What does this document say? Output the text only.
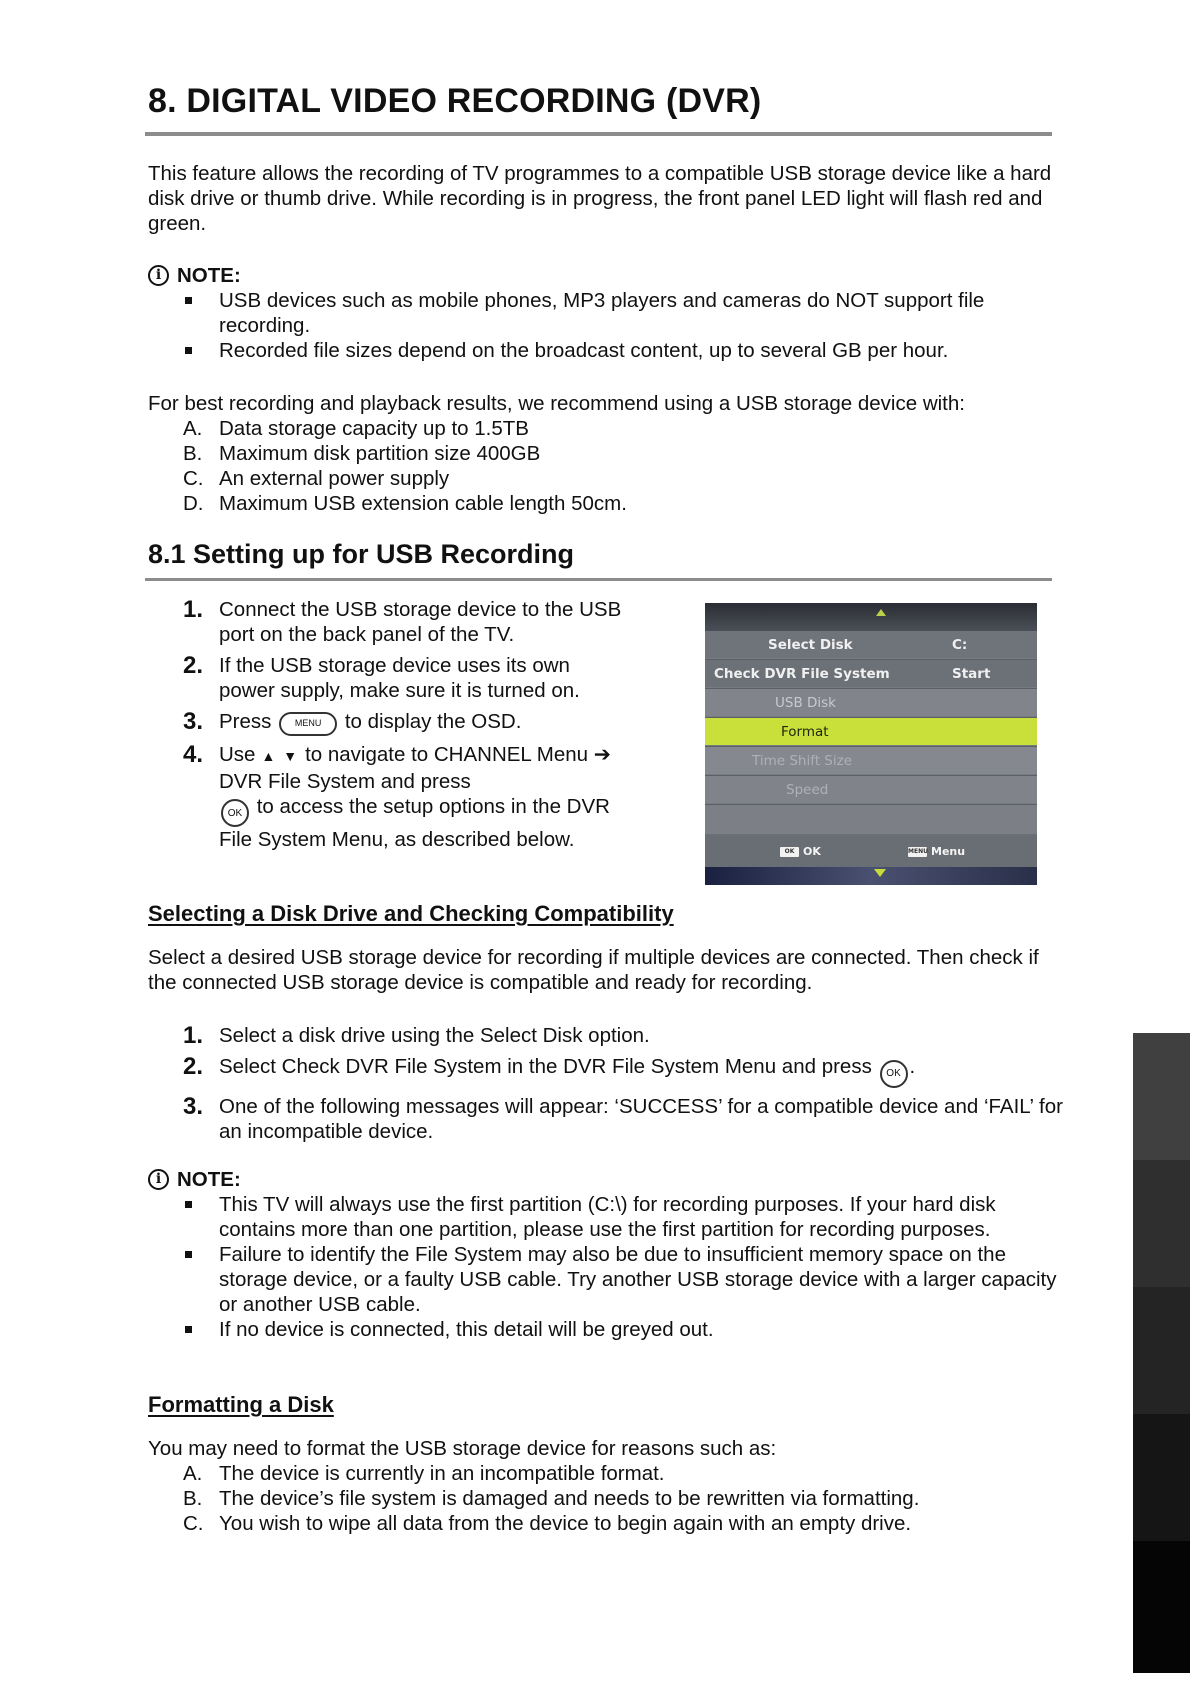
8. DIGITAL VIDEO RECORDING (DVR)

This feature allows the recording of TV programmes to a compatible USB storage device like a hard disk drive or thumb drive. While recording is in progress, the front panel LED light will flash red and green.

i NOTE:
USB devices such as mobile phones, MP3 players and cameras do NOT support file recording.
Recorded file sizes depend on the broadcast content, up to several GB per hour.

For best recording and playback results, we recommend using a USB storage device with:

A. Data storage capacity up to 1.5TB
B. Maximum disk partition size 400GB
C. An external power supply
D. Maximum USB extension cable length 50cm.
8.1 Setting up for USB Recording
1. Connect the USB storage device to the USB port on the back panel of the TV.
2. If the USB storage device uses its own power supply, make sure it is turned on.
3. Press	MENU to display the OSD.
4. Use ▲ ▼ to navigate to CHANNEL Menu ➔ DVR File System and press
OK to access the setup options in the DVR File System Menu, as described below.
Select Disk	C:
Check DVR File System	Start
USB Disk
Format
Time Shift Size
Speed
OK OK	MENU Menu
Selecting a Disk Drive and Checking Compatibility

Select a desired USB storage device for recording if multiple devices are connected. Then check if the connected USB storage device is compatible and ready for recording.

1. Select a disk drive using the Select Disk option.
2. Select Check DVR File System in the DVR File System Menu and press OK .
3. One of the following messages will appear: ‘SUCCESS’ for a compatible device and ‘FAIL’ for an incompatible device.
i NOTE:
This TV will always use the first partition (C:\) for recording purposes. If your hard disk contains more than one partition, please use the first partition for recording purposes.
Failure to identify the File System may also be due to insufficient memory space on the storage device, or a faulty USB cable. Try another USB storage device with a larger capacity or another USB cable.
If no device is connected, this detail will be greyed out.
Formatting a Disk

You may need to format the USB storage device for reasons such as:

A. The device is currently in an incompatible format.
B. The device’s file system is damaged and needs to be rewritten via formatting.
C. You wish to wipe all data from the device to begin again with an empty drive.
